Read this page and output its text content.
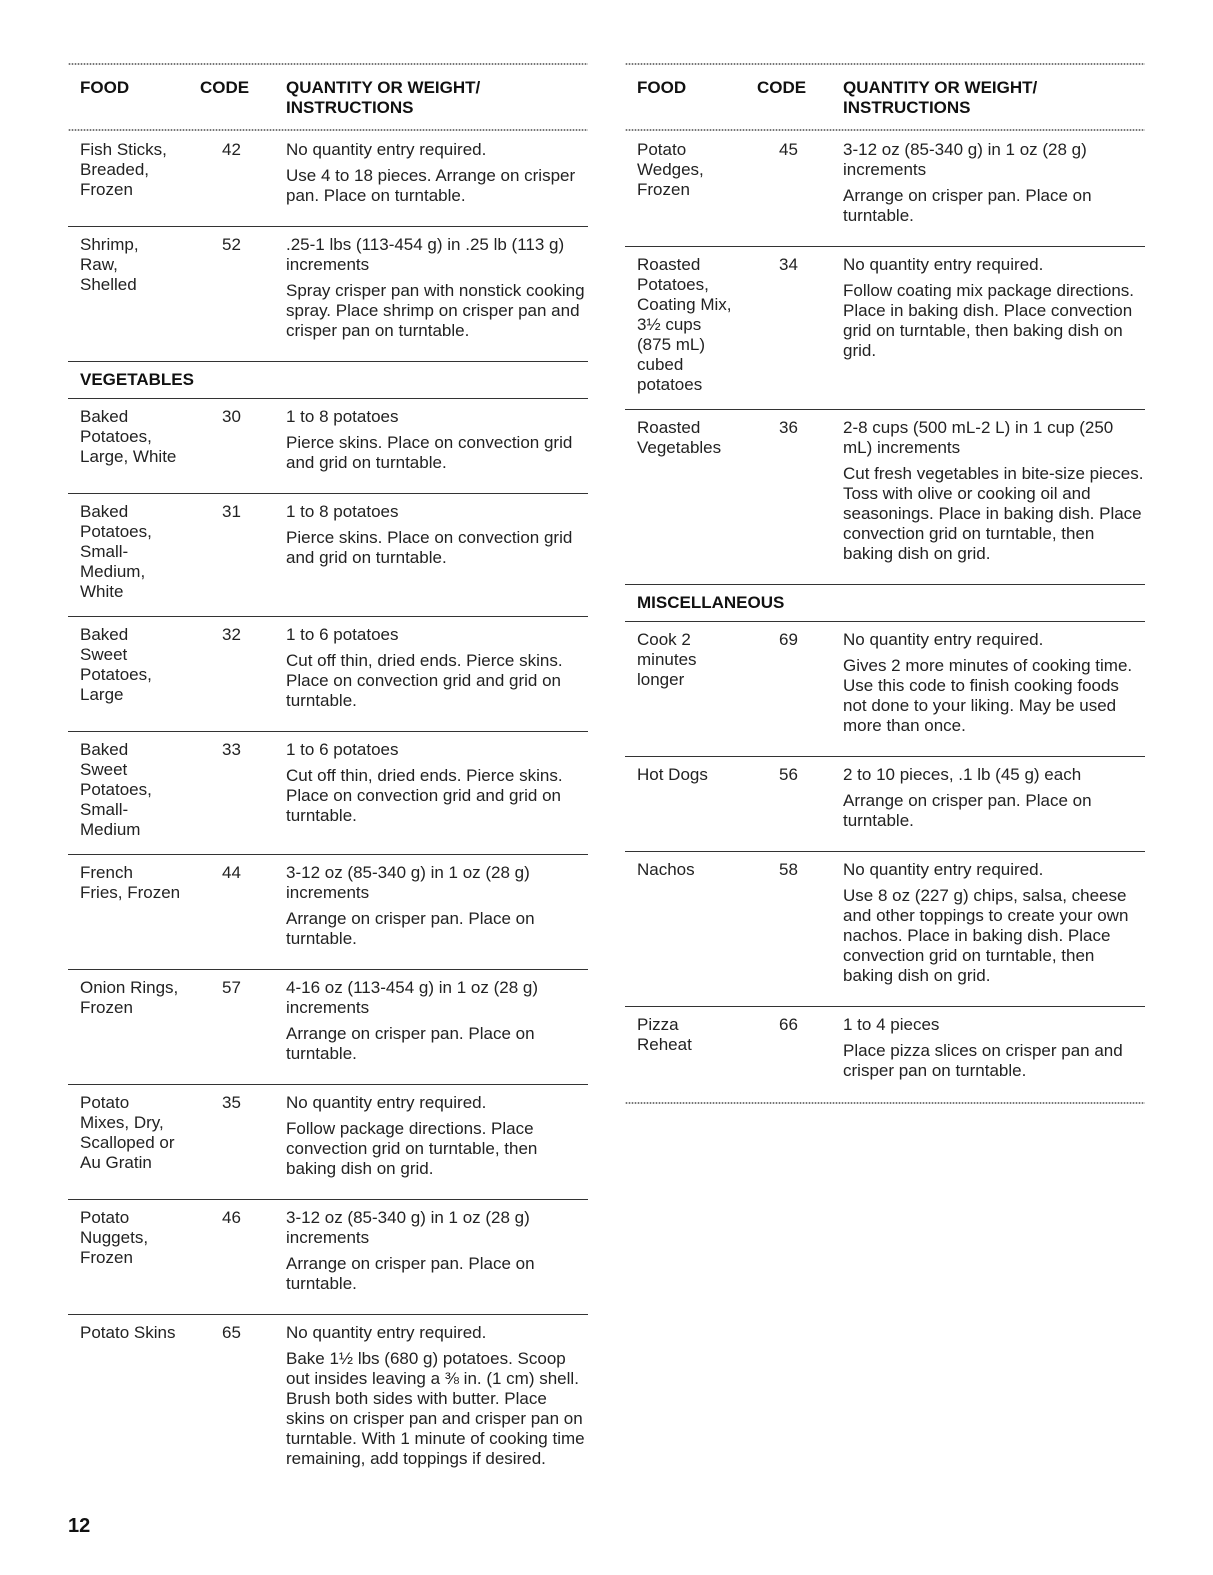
FOOD	CODE	QUANTITY OR WEIGHT/ INSTRUCTIONS
Fish Sticks,
Breaded,
Frozen
42	No quantity entry required.

Use 4 to 18 pieces. Arrange on crisper pan. Place on turntable.

Shrimp,
Raw,
Shelled
52	.25-1 lbs (113-454 g) in .25 lb (113 g) increments

Spray crisper pan with nonstick cooking spray. Place shrimp on crisper pan and crisper pan on turntable.

VEGETABLES
Baked
Potatoes,
Large, White
30	1 to 8 potatoes

Pierce skins. Place on convection grid and grid on turntable.

Baked
Potatoes,
Small-
Medium,
White
31	1 to 8 potatoes

Pierce skins. Place on convection grid and grid on turntable.

Baked
Sweet
Potatoes,
Large
32	1 to 6 potatoes

Cut off thin, dried ends. Pierce skins. Place on convection grid and grid on turntable.

Baked
Sweet
Potatoes,
Small-
Medium
33	1 to 6 potatoes

Cut off thin, dried ends. Pierce skins. Place on convection grid and grid on turntable.

French
Fries, Frozen
44	3-12 oz (85-340 g) in 1 oz (28 g) increments

Arrange on crisper pan. Place on turntable.

Onion Rings,
Frozen
57	4-16 oz (113-454 g) in 1 oz (28 g) increments

Arrange on crisper pan. Place on turntable.

Potato
Mixes, Dry,
Scalloped or
Au Gratin
35	No quantity entry required.

Follow package directions. Place convection grid on turntable, then baking dish on grid.

Potato
Nuggets,
Frozen
46	3-12 oz (85-340 g) in 1 oz (28 g) increments

Arrange on crisper pan. Place on turntable.

Potato Skins	65	No quantity entry required.

Bake 1½ lbs (680 g) potatoes. Scoop out insides leaving a ⅜ in. (1 cm) shell. Brush both sides with butter. Place skins on crisper pan and crisper pan on turntable. With 1 minute of cooking time remaining, add toppings if desired.

FOOD	CODE	QUANTITY OR WEIGHT/ INSTRUCTIONS
Potato
Wedges,
Frozen
45	3-12 oz (85-340 g) in 1 oz (28 g) increments

Arrange on crisper pan. Place on turntable.

Roasted
Potatoes,
Coating Mix,
3½ cups
(875 mL)
cubed
potatoes
34	No quantity entry required.

Follow coating mix package directions. Place in baking dish. Place convection grid on turntable, then baking dish on grid.

Roasted
Vegetables
36	2-8 cups (500 mL-2 L) in 1 cup (250 mL) increments

Cut fresh vegetables in bite-size pieces. Toss with olive or cooking oil and seasonings. Place in baking dish. Place convection grid on turntable, then baking dish on grid.

MISCELLANEOUS
Cook 2
minutes
longer
69	No quantity entry required.

Gives 2 more minutes of cooking time. Use this code to finish cooking foods not done to your liking. May be used more than once.

Hot Dogs	56	2 to 10 pieces, .1 lb (45 g) each

Arrange on crisper pan. Place on turntable.

Nachos	58	No quantity entry required.

Use 8 oz (227 g) chips, salsa, cheese and other toppings to create your own nachos. Place in baking dish. Place convection grid on turntable, then baking dish on grid.

Pizza
Reheat
66	1 to 4 pieces

Place pizza slices on crisper pan and crisper pan on turntable.

12
